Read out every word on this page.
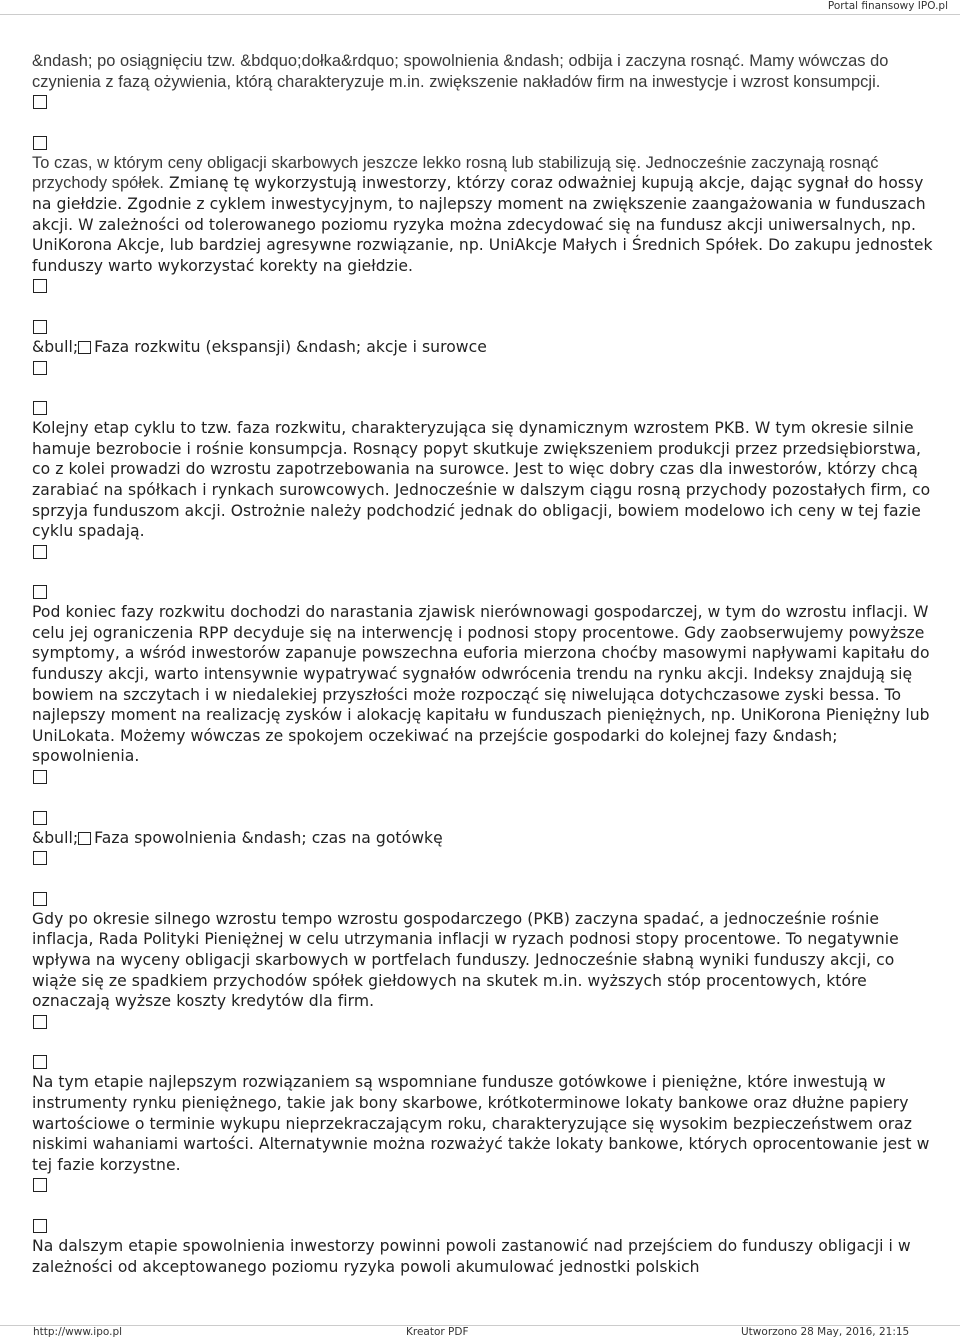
Portal finansowy IPO.pl

&ndash; po osiągnięciu tzw. &bdquo;dołka&rdquo; spowolnienia &ndash; odbija i zaczyna rosnąć. Mamy wówczas do czynienia z fazą ożywienia, którą charakteryzuje m.in. zwiększenie nakładów firm na inwestycje i wzrost konsumpcji.

To czas, w którym ceny obligacji skarbowych jeszcze lekko rosną lub stabilizują się. Jednocześnie zaczynają rosnąć przychody spółek. Zmianę tę wykorzystują inwestorzy, którzy coraz odważniej kupują akcje, dając sygnał do hossy na giełdzie. Zgodnie z cyklem inwestycyjnym, to najlepszy moment na zwiększenie zaangażowania w funduszach akcji. W zależności od tolerowanego poziomu ryzyka można zdecydować się na fundusz akcji uniwersalnych, np. UniKorona Akcje, lub bardziej agresywne rozwiązanie, np. UniAkcje Małych i Średnich Spółek. Do zakupu jednostek funduszy warto wykorzystać korekty na giełdzie.

&bull; Faza rozkwitu (ekspansji) &ndash; akcje i surowce

Kolejny etap cyklu to tzw. faza rozkwitu, charakteryzująca się dynamicznym wzrostem PKB. W tym okresie silnie hamuje bezrobocie i rośnie konsumpcja. Rosnący popyt skutkuje zwiększeniem produkcji przez przedsiębiorstwa, co z kolei prowadzi do wzrostu zapotrzebowania na surowce. Jest to więc dobry czas dla inwestorów, którzy chcą zarabiać na spółkach i rynkach surowcowych. Jednocześnie w dalszym ciągu rosną przychody pozostałych firm, co sprzyja funduszom akcji. Ostrożnie należy podchodzić jednak do obligacji, bowiem modelowo ich ceny w tej fazie cyklu spadają.

Pod koniec fazy rozkwitu dochodzi do narastania zjawisk nierównowagi gospodarczej, w tym do wzrostu inflacji. W celu jej ograniczenia RPP decyduje się na interwencję i podnosi stopy procentowe. Gdy zaobserwujemy powyższe symptomy, a wśród inwestorów zapanuje powszechna euforia mierzona choćby masowymi napływami kapitału do funduszy akcji, warto intensywnie wypatrywać sygnałów odwrócenia trendu na rynku akcji. Indeksy znajdują się bowiem na szczytach i w niedalekiej przyszłości może rozpocząć się niwelująca dotychczasowe zyski bessa. To najlepszy moment na realizację zysków i alokację kapitału w funduszach pieniężnych, np. UniKorona Pieniężny lub UniLokata. Możemy wówczas ze spokojem oczekiwać na przejście gospodarki do kolejnej fazy &ndash; spowolnienia.

&bull; Faza spowolnienia &ndash; czas na gotówkę

Gdy po okresie silnego wzrostu tempo wzrostu gospodarczego (PKB) zaczyna spadać, a jednocześnie rośnie inflacja, Rada Polityki Pieniężnej w celu utrzymania inflacji w ryzach podnosi stopy procentowe. To negatywnie wpływa na wyceny obligacji skarbowych w portfelach funduszy. Jednocześnie słabną wyniki funduszy akcji, co wiąże się ze spadkiem przychodów spółek giełdowych na skutek m.in. wyższych stóp procentowych, które oznaczają wyższe koszty kredytów dla firm.

Na tym etapie najlepszym rozwiązaniem są wspomniane fundusze gotówkowe i pieniężne, które inwestują w instrumenty rynku pieniężnego, takie jak bony skarbowe, krótkoterminowe lokaty bankowe oraz dłużne papiery wartościowe o terminie wykupu nieprzekraczającym roku, charakteryzujące się wysokim bezpieczeństwem oraz niskimi wahaniami wartości. Alternatywnie można rozważyć także lokaty bankowe, których oprocentowanie jest w tej fazie korzystne.

Na dalszym etapie spowolnienia inwestorzy powinni powoli zastanowić nad przejściem do funduszy obligacji i w zależności od akceptowanego poziomu ryzyka powoli akumulować jednostki polskich

http://www.ipo.pl	Kreator PDF	Utworzono 28 May, 2016, 21:15
